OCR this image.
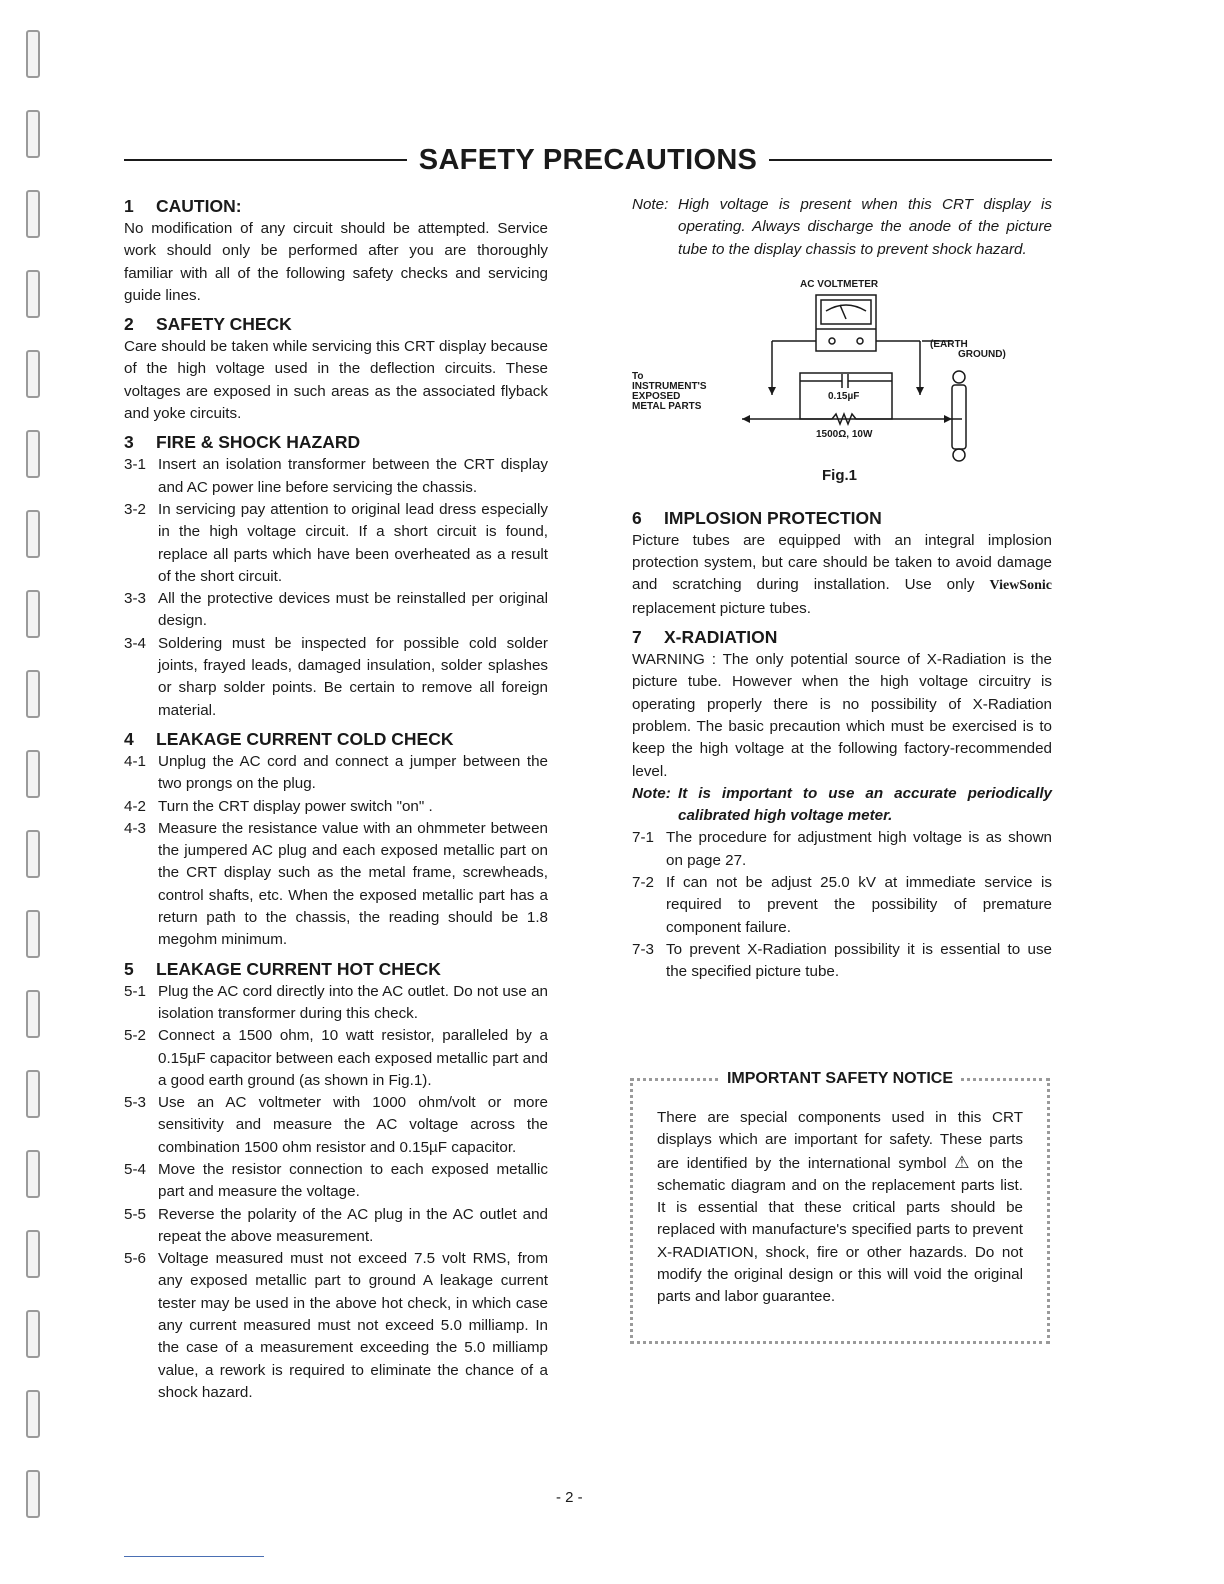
SAFETY PRECAUTIONS
1 CAUTION:

No modification of any circuit should be attempted. Service work should only be performed after you are thoroughly familiar with all of the following safety checks and servicing guide lines.

2 SAFETY CHECK

Care should be taken while servicing this CRT display because of the high voltage used in the deflection circuits. These voltages are exposed in such areas as the associated flyback and yoke circuits.

3 FIRE & SHOCK HAZARD
3-1 Insert an isolation transformer between the CRT display and AC power line before servicing the chassis.
3-2 In servicing pay attention to original lead dress especially in the high voltage circuit. If a short circuit is found, replace all parts which have been overheated as a result of the short circuit.
3-3 All the protective devices must be reinstalled per original design.
3-4 Soldering must be inspected for possible cold solder joints, frayed leads, damaged insulation, solder splashes or sharp solder points. Be certain to remove all foreign material.
4 LEAKAGE CURRENT COLD CHECK
4-1 Unplug the AC cord and connect a jumper between the two prongs on the plug.
4-2 Turn the CRT display power switch "on" .
4-3 Measure the resistance value with an ohmmeter between the jumpered AC plug and each exposed metallic part on the CRT display such as the metal frame, screwheads, control shafts, etc. When the exposed metallic part has a return path to the chassis, the reading should be 1.8 megohm minimum.
5 LEAKAGE CURRENT HOT CHECK
5-1 Plug the AC cord directly into the AC outlet. Do not use an isolation transformer during this check.
5-2 Connect a 1500 ohm, 10 watt resistor, paralleled by a 0.15µF capacitor between each exposed metallic part and a good earth ground (as shown in Fig.1).
5-3 Use an AC voltmeter with 1000 ohm/volt or more sensitivity and measure the AC voltage across the combination 1500 ohm resistor and 0.15µF capacitor.
5-4 Move the resistor connection to each exposed metallic part and measure the voltage.
5-5 Reverse the polarity of the AC plug in the AC outlet and repeat the above measurement.
5-6 Voltage measured must not exceed 7.5 volt RMS, from any exposed metallic part to ground A leakage current tester may be used in the above hot check, in which case any current measured must not exceed 5.0 milliamp. In the case of a measurement exceeding the 5.0 milliamp value, a rework is required to eliminate the chance of a shock hazard.
Note: High voltage is present when this CRT display is operating. Always discharge the anode of the picture tube to the display chassis to prevent shock hazard.
AC VOLTMETER
(EARTH
GROUND)
To
INSTRUMENT'S
EXPOSED
METAL PARTS
0.15µF
1500Ω, 10W
Fig.1
6 IMPLOSION PROTECTION

Picture tubes are equipped with an integral implosion protection system, but care should be taken to avoid damage and scratching during installation. Use only ViewSonic replacement picture tubes.

7 X-RADIATION

WARNING : The only potential source of X-Radiation is the picture tube. However when the high voltage circuitry is operating properly there is no possibility of X-Radiation problem. The basic precaution which must be exercised is to keep the high voltage at the following factory-recommended level.

Note: It is important to use an accurate periodically calibrated high voltage meter.
7-1 The procedure for adjustment high voltage is as shown on page 27.
7-2 If can not be adjust 25.0 kV at immediate service is required to prevent the possibility of premature component failure.
7-3 To prevent X-Radiation possibility it is essential to use the specified picture tube.
IMPORTANT SAFETY NOTICE
There are special components used in this CRT displays which are important for safety. These parts are identified by the international symbol ⚠ on the schematic diagram and on the replacement parts list. It is essential that these critical parts should be replaced with manufacture's specified parts to prevent X-RADIATION, shock, fire or other hazards. Do not modify the original design or this will void the original parts and labor guarantee.
- 2 -
